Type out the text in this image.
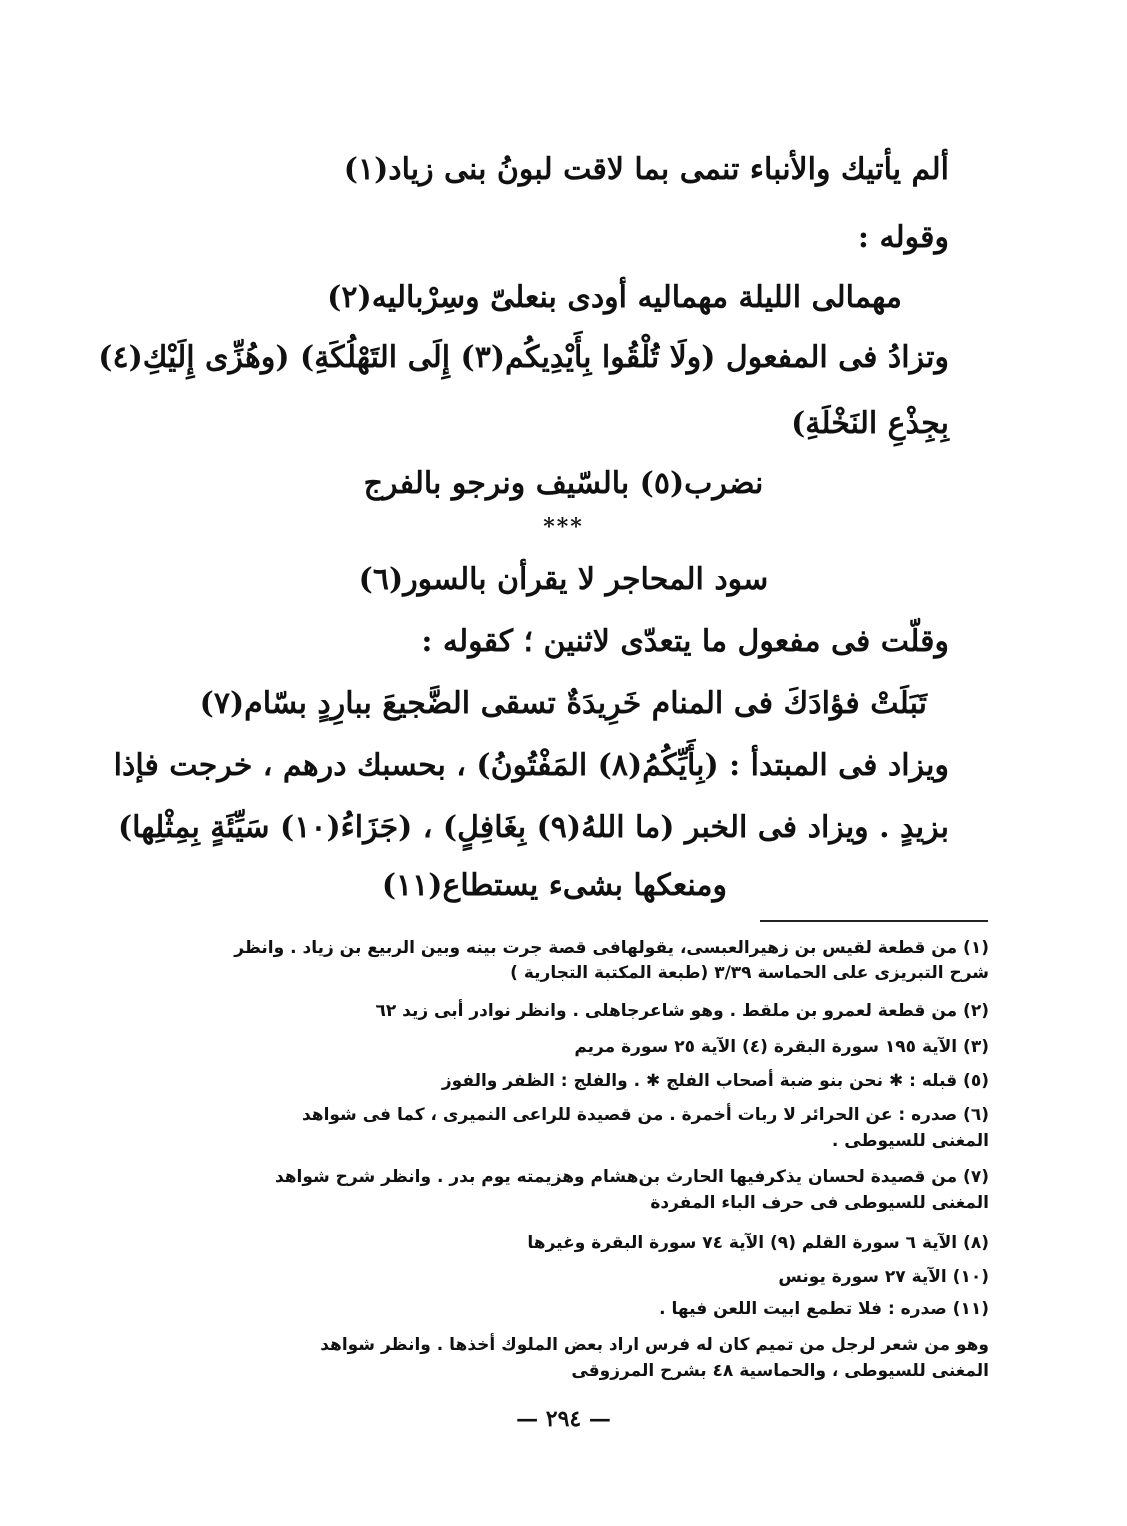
ألم يأتيك والأنباء تنمى بما لاقت لبونُ بنى زياد(١)
وقوله :
مهمالى الليلة مهماليه أودى بنعلىّ وسِرْباليه(٢)
وتزادُ فى المفعول (ولَا تُلْقُوا بِأَيْدِيكُم(٣) إِلَى التَهْلُكَةِ) (وهُزِّى إِلَيْكِ(٤)
بِجِذْعِ النَخْلَةِ)
نضرب(٥) بالسّيف ونرجو بالفرج
***
سود المحاجر لا يقرأن بالسور(٦)
وقلّت فى مفعول ما يتعدّى لاثنين ؛ كقوله :
تَبَلَتْ فؤادَكَ فى المنام خَرِيدَةٌ تسقى الضَّجيعَ ببارِدٍ بسّام(٧)
ويزاد فى المبتدأ : (بِأَيِّكُمُ(٨) المَفْتُونُ) ، بحسبك درهم ، خرجت فإذا
بزيدٍ . ويزاد فى الخبر (ما اللهُ(٩) بِغَافِلٍ) ، (جَزَاءُ(١٠) سَيِّئَةٍ بِمِثْلِها)
ومنعكها بشىء يستطاع(١١)
(١) من قطعة لقيس بن زهيرالعبسى، يقولهافى قصة جرت بينه وبين الربيع بن زياد . وانظر
شرح التبريزى على الحماسة ٣/٣٩ (طبعة المكتبة التجارية )
(٢) من قطعة لعمرو بن ملقط . وهو شاعرجاهلى . وانظر نوادر أبى زيد ٦٢
(٣) الآية ١٩٥ سورة البقرة (٤) الآية ٢٥ سورة مريم
(٥) قبله : ✱ نحن بنو ضبة أصحاب الفلج ✱ . والفلج : الظفر والفوز
(٦) صدره : عن الحرائر لا ربات أخمرة . من قصيدة للراعى النميرى ، كما فى شواهد
المغنى للسيوطى .
(٧) من قصيدة لحسان يذكرفيها الحارث بن‌هشام وهزيمته يوم بدر . وانظر شرح شواهد
المغنى للسيوطى فى حرف الباء المفردة
(٨) الآية ٦ سورة القلم (٩) الآية ٧٤ سورة البقرة وغيرها
(١٠) الآية ٢٧ سورة يونس
(١١) صدره : فلا تطمع ابيت اللعن فيها .
وهو من شعر لرجل من تميم كان له فرس اراد بعض الملوك أخذها . وانظر شواهد
المغنى للسيوطى ، والحماسية ٤٨ بشرح المرزوقى
— ٢٩٤ —
